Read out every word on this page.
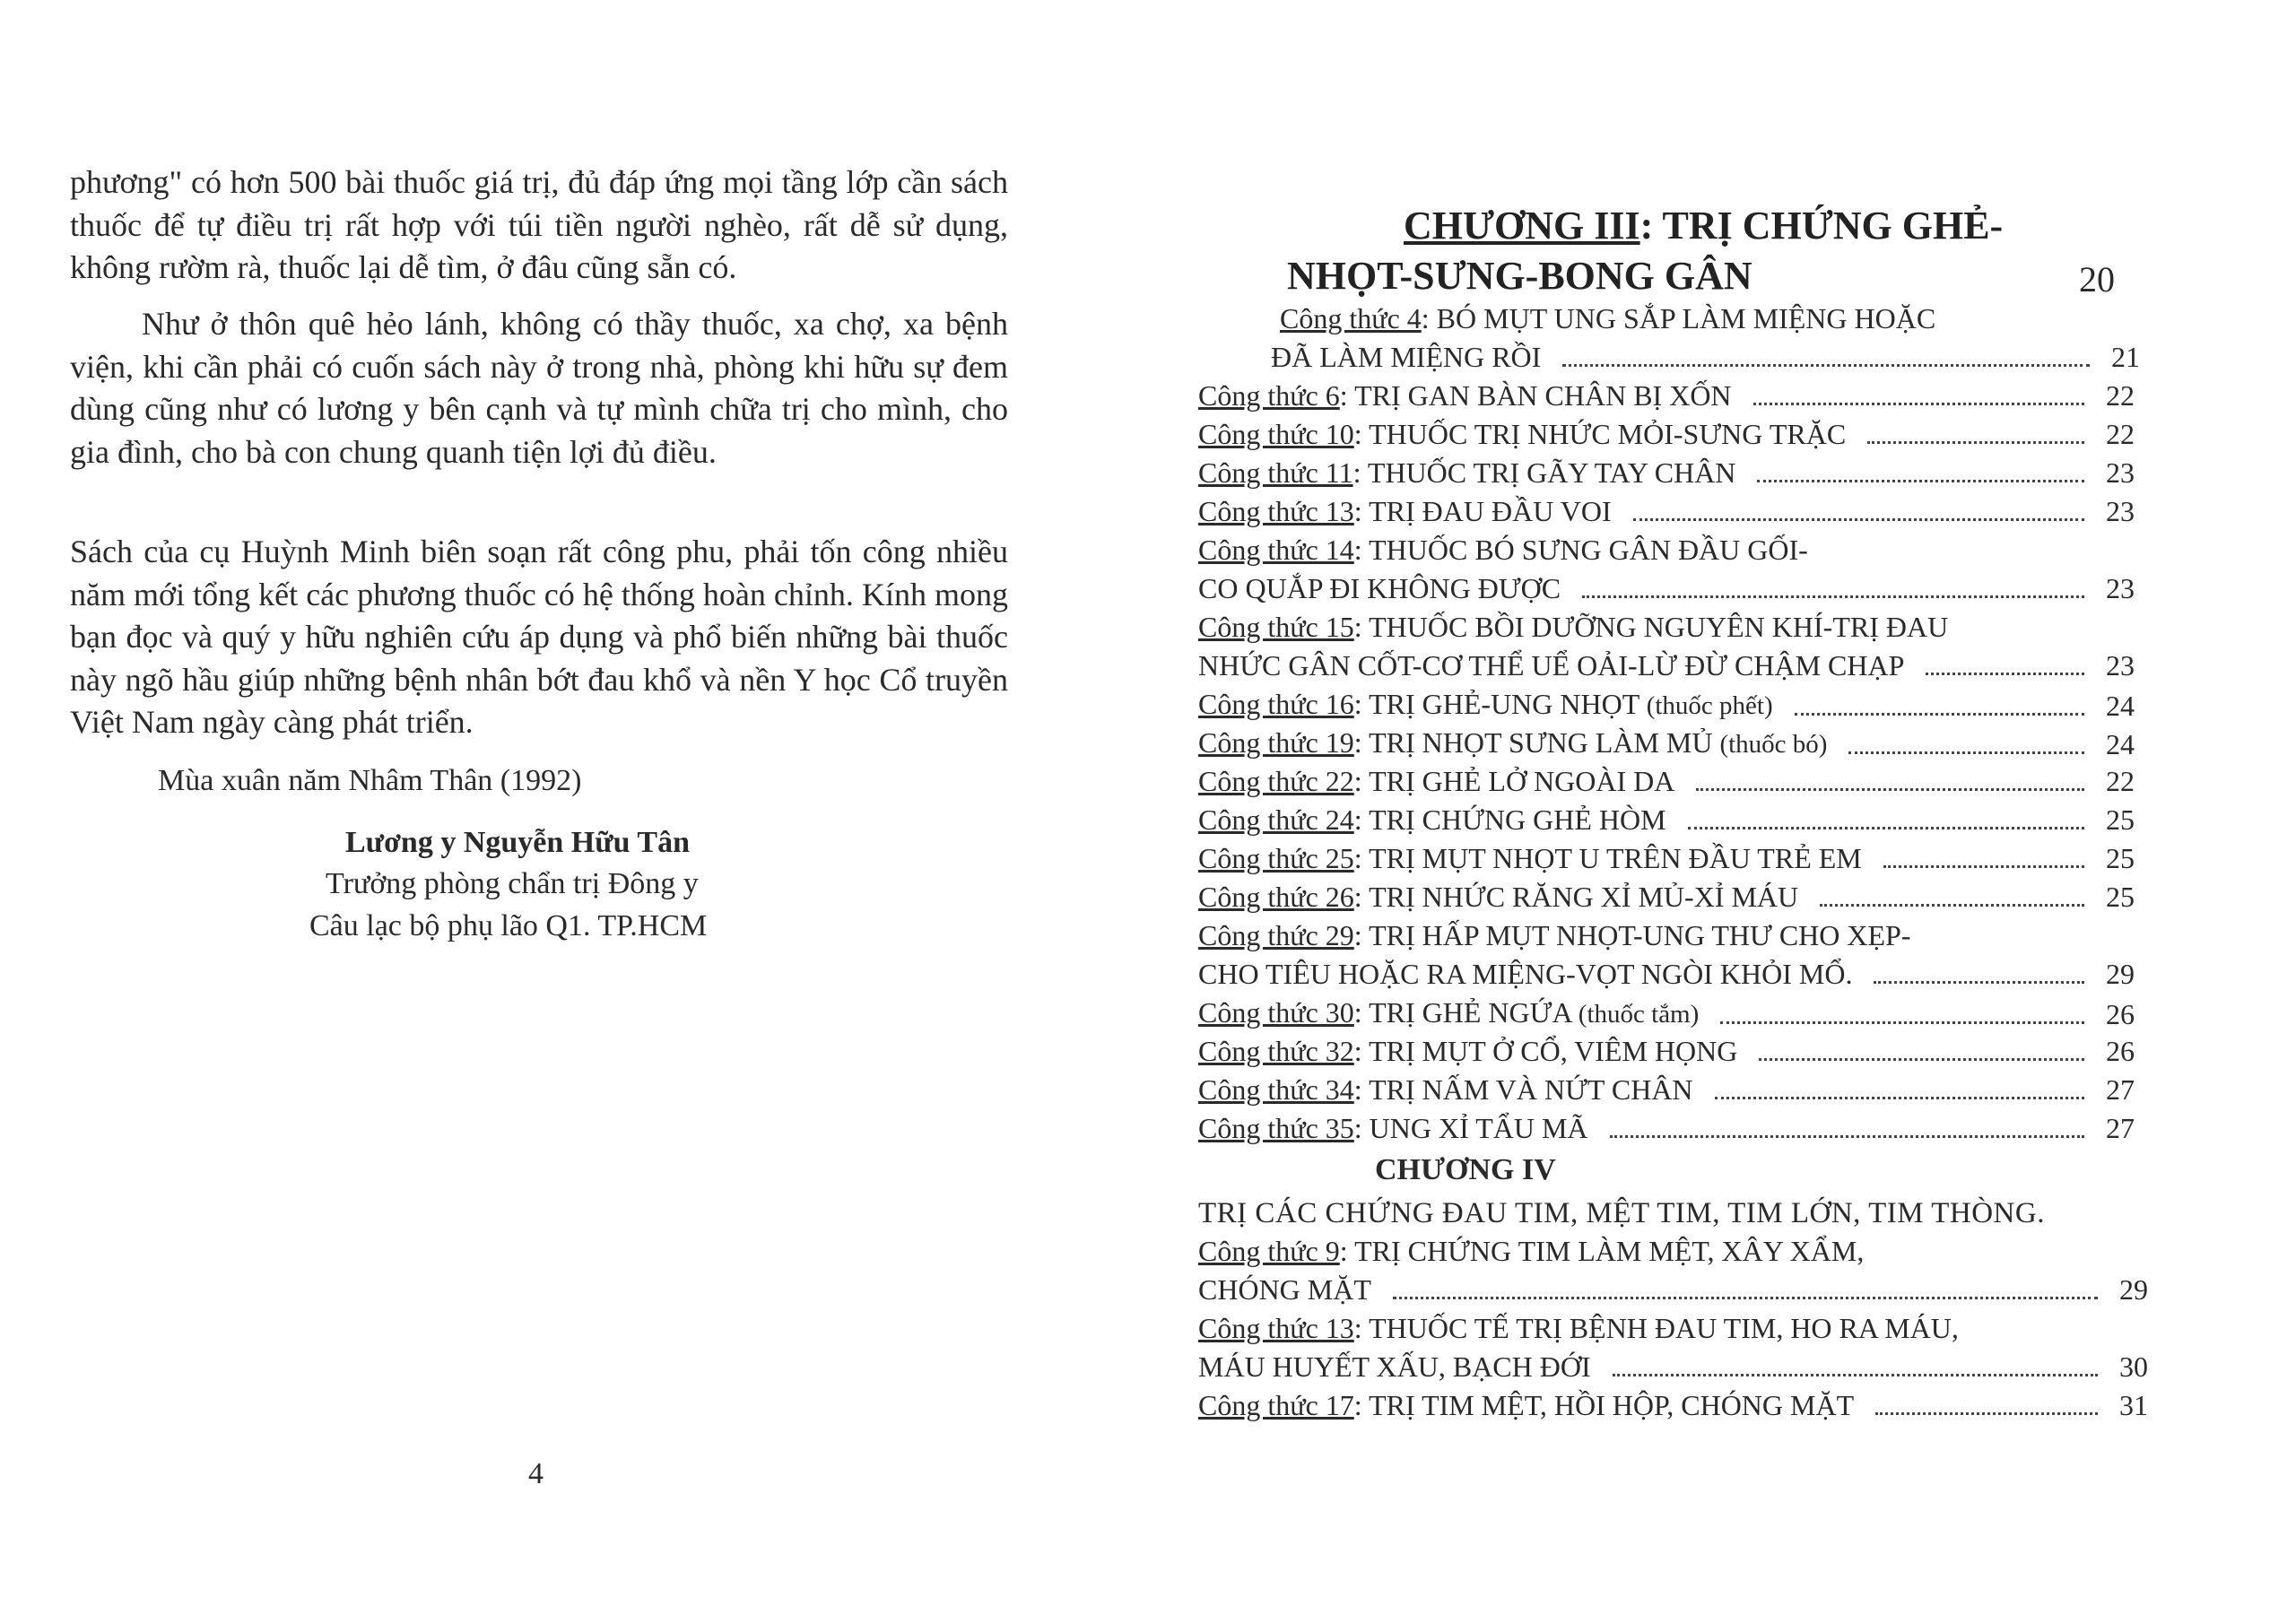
phương" có hơn 500 bài thuốc giá trị, đủ đáp ứng mọi tầng lớp cần sách thuốc để tự điều trị rất hợp với túi tiền người nghèo, rất dễ sử dụng, không rườm rà, thuốc lại dễ tìm, ở đâu cũng sẵn có.

Như ở thôn quê hẻo lánh, không có thầy thuốc, xa chợ, xa bệnh viện, khi cần phải có cuốn sách này ở trong nhà, phòng khi hữu sự đem dùng cũng như có lương y bên cạnh và tự mình chữa trị cho mình, cho gia đình, cho bà con chung quanh tiện lợi đủ điều.

Sách của cụ Huỳnh Minh biên soạn rất công phu, phải tốn công nhiều năm mới tổng kết các phương thuốc có hệ thống hoàn chỉnh. Kính mong bạn đọc và quý y hữu nghiên cứu áp dụng và phổ biến những bài thuốc này ngõ hầu giúp những bệnh nhân bớt đau khổ và nền Y học Cổ truyền Việt Nam ngày càng phát triển.

Mùa xuân năm Nhâm Thân (1992)
Lương y Nguyễn Hữu Tân
Trưởng phòng chẩn trị Đông y
Câu lạc bộ phụ lão Q1. TP.HCM
4
CHƯƠNG III: TRỊ CHỨNG GHẺ-
NHỌT-SƯNG-BONG GÂN	20
Công thức 4: BÓ MỤT UNG SẮP LÀM MIỆNG HOẶC
ĐÃ LÀM MIỆNG RỒI	21
Công thức 6: TRỊ GAN BÀN CHÂN BỊ XỐN	22
Công thức 10: THUỐC TRỊ NHỨC MỎI-SƯNG TRẶC	22
Công thức 11: THUỐC TRỊ GÃY TAY CHÂN	23
Công thức 13: TRỊ ĐAU ĐẦU VOI	23
Công thức 14: THUỐC BÓ SƯNG GÂN ĐẦU GỐI-
CO QUẮP ĐI KHÔNG ĐƯỢC	23
Công thức 15: THUỐC BỒI DƯỠNG NGUYÊN KHÍ-TRỊ ĐAU
NHỨC GÂN CỐT-CƠ THỂ UỂ OẢI-LỪ ĐỪ CHẬM CHẠP	23
Công thức 16: TRỊ GHẺ-UNG NHỌT (thuốc phết)	24
Công thức 19: TRỊ NHỌT SƯNG LÀM MỦ (thuốc bó)	24
Công thức 22: TRỊ GHẺ LỞ NGOÀI DA	22
Công thức 24: TRỊ CHỨNG GHẺ HÒM	25
Công thức 25: TRỊ MỤT NHỌT U TRÊN ĐẦU TRẺ EM	25
Công thức 26: TRỊ NHỨC RĂNG XỈ MỦ-XỈ MÁU	25
Công thức 29: TRỊ HẤP MỤT NHỌT-UNG THƯ CHO XẸP-
CHO TIÊU HOẶC RA MIỆNG-VỌT NGÒI KHỎI MỔ.	29
Công thức 30: TRỊ GHẺ NGỨA (thuốc tắm)	26
Công thức 32: TRỊ MỤT Ở CỔ, VIÊM HỌNG	26
Công thức 34: TRỊ NẤM VÀ NỨT CHÂN	27
Công thức 35: UNG XỈ TẨU MÃ	27
CHƯƠNG IV
TRỊ CÁC CHỨNG ĐAU TIM, MỆT TIM, TIM LỚN, TIM THÒNG.
Công thức 9: TRỊ CHỨNG TIM LÀM MỆT, XÂY XẨM,
CHÓNG MẶT	29
Công thức 13: THUỐC TẾ TRỊ BỆNH ĐAU TIM, HO RA MÁU,
MÁU HUYẾT XẤU, BẠCH ĐỚI	30
Công thức 17: TRỊ TIM MỆT, HỒI HỘP, CHÓNG MẶT	31
